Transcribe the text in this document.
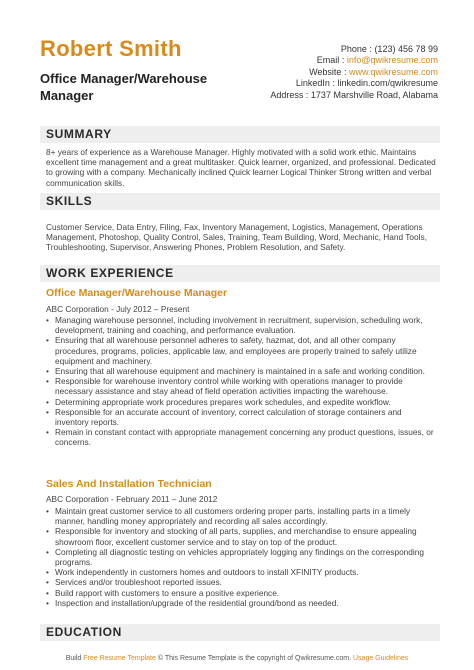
Robert Smith
Office Manager/Warehouse Manager
Phone : (123) 456 78 99
Email : info@qwikresume.com
Website : www.qwikresume.com
LinkedIn : linkedin.com/qwikresume
Address : 1737 Marshville Road, Alabama
SUMMARY
8+ years of experience as a Warehouse Manager. Highly motivated with a solid work ethic. Maintains excellent time management and a great multitasker. Quick learner, organized, and professional. Dedicated to growing with a company. Mechanically inclined Quick learner Logical Thinker Strong written and verbal communication skills.
SKILLS
Customer Service, Data Entry, Filing, Fax, Inventory Management, Logistics, Management, Operations Management, Photoshop, Quality Control, Sales, Training, Team Building, Word, Mechanic, Hand Tools, Troubleshooting, Supervisor, Answering Phones, Problem Resolution, and Safety.
WORK EXPERIENCE
Office Manager/Warehouse Manager
ABC Corporation - July 2012 – Present
• Managing warehouse personnel, including involvement in recruitment, supervision, scheduling work, development, training and coaching, and performance evaluation.
• Ensuring that all warehouse personnel adheres to safety, hazmat, dot, and all other company procedures, programs, policies, applicable law, and employees are properly trained to safely utilize equipment and machinery.
• Ensuring that all warehouse equipment and machinery is maintained in a safe and working condition.
• Responsible for warehouse inventory control while working with operations manager to provide necessary assistance and stay ahead of field operation activities impacting the warehouse.
• Determining appropriate work procedures prepares work schedules, and expedite workflow.
• Responsible for an accurate account of inventory, correct calculation of storage containers and inventory reports.
• Remain in constant contact with appropriate management concerning any product questions, issues, or concerns.
Sales And Installation Technician
ABC Corporation - February 2011 – June 2012
• Maintain great customer service to all customers ordering proper parts, installing parts in a timely manner, handling money appropriately and recording all sales accordingly.
• Responsible for inventory and stocking of all parts, supplies, and merchandise to ensure appealing showroom floor, excellent customer service and to stay on top of the product.
• Completing all diagnostic testing on vehicles appropriately logging any findings on the corresponding programs.
• Work independently in customers homes and outdoors to install XFINITY products.
• Services and/or troubleshoot reported issues.
• Build rapport with customers to ensure a positive experience.
• Inspection and installation/upgrade of the residential ground/bond as needed.
EDUCATION
Build Free Resume Template © This Resume Template is the copyright of Qwikresume.com. Usage Guidelines
